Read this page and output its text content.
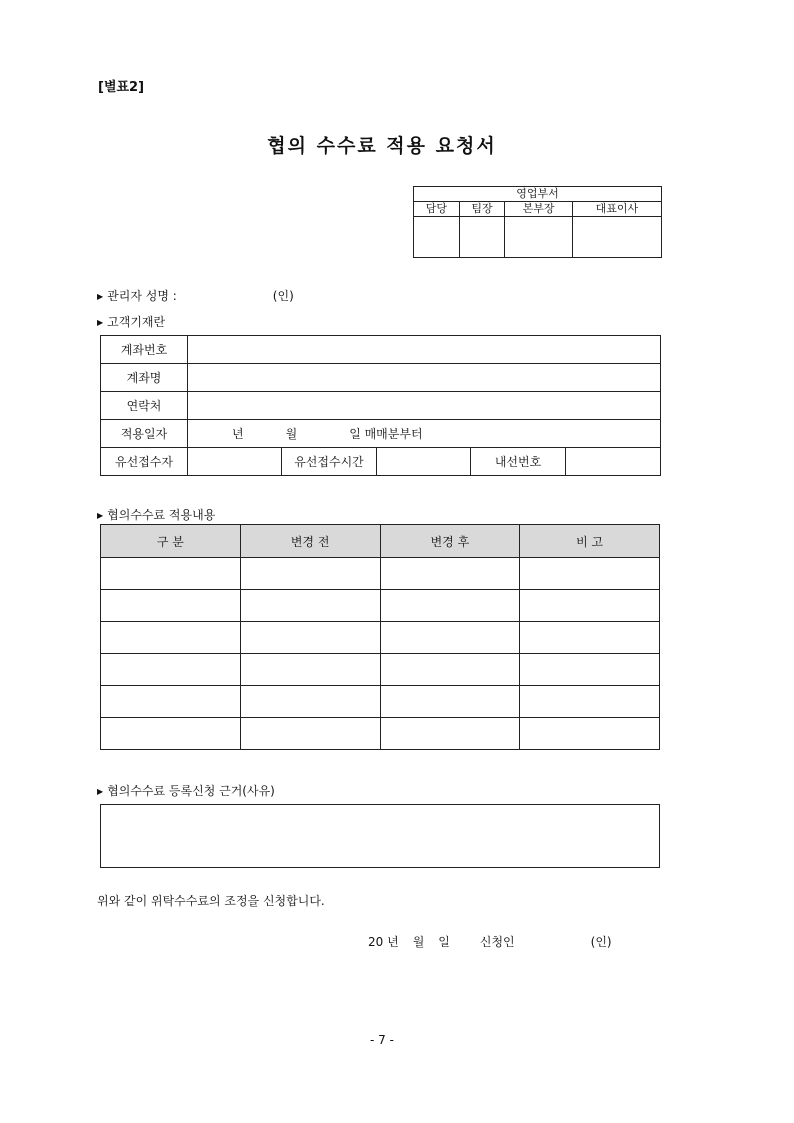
[별표2]
협의 수수료 적용 요청서
영업부서			
담당	팀장	본부장	대표이사

▶ 관리자 성명 :	(인)
▶ 고객기재란
계좌번호					
계좌명					
연락처					
적용일자	년 월 일 매매분부터				
유선접수자		유선접수시간		내선번호	
▶ 협의수수료 적용내용
구 분	변경 전	변경 후	비 고

▶ 협의수수료 등록신청 근거(사유)
위와 같이 위탁수수료의 조정을 신청합니다.
20 년 월 일	신청인	(인)
- 7 -
